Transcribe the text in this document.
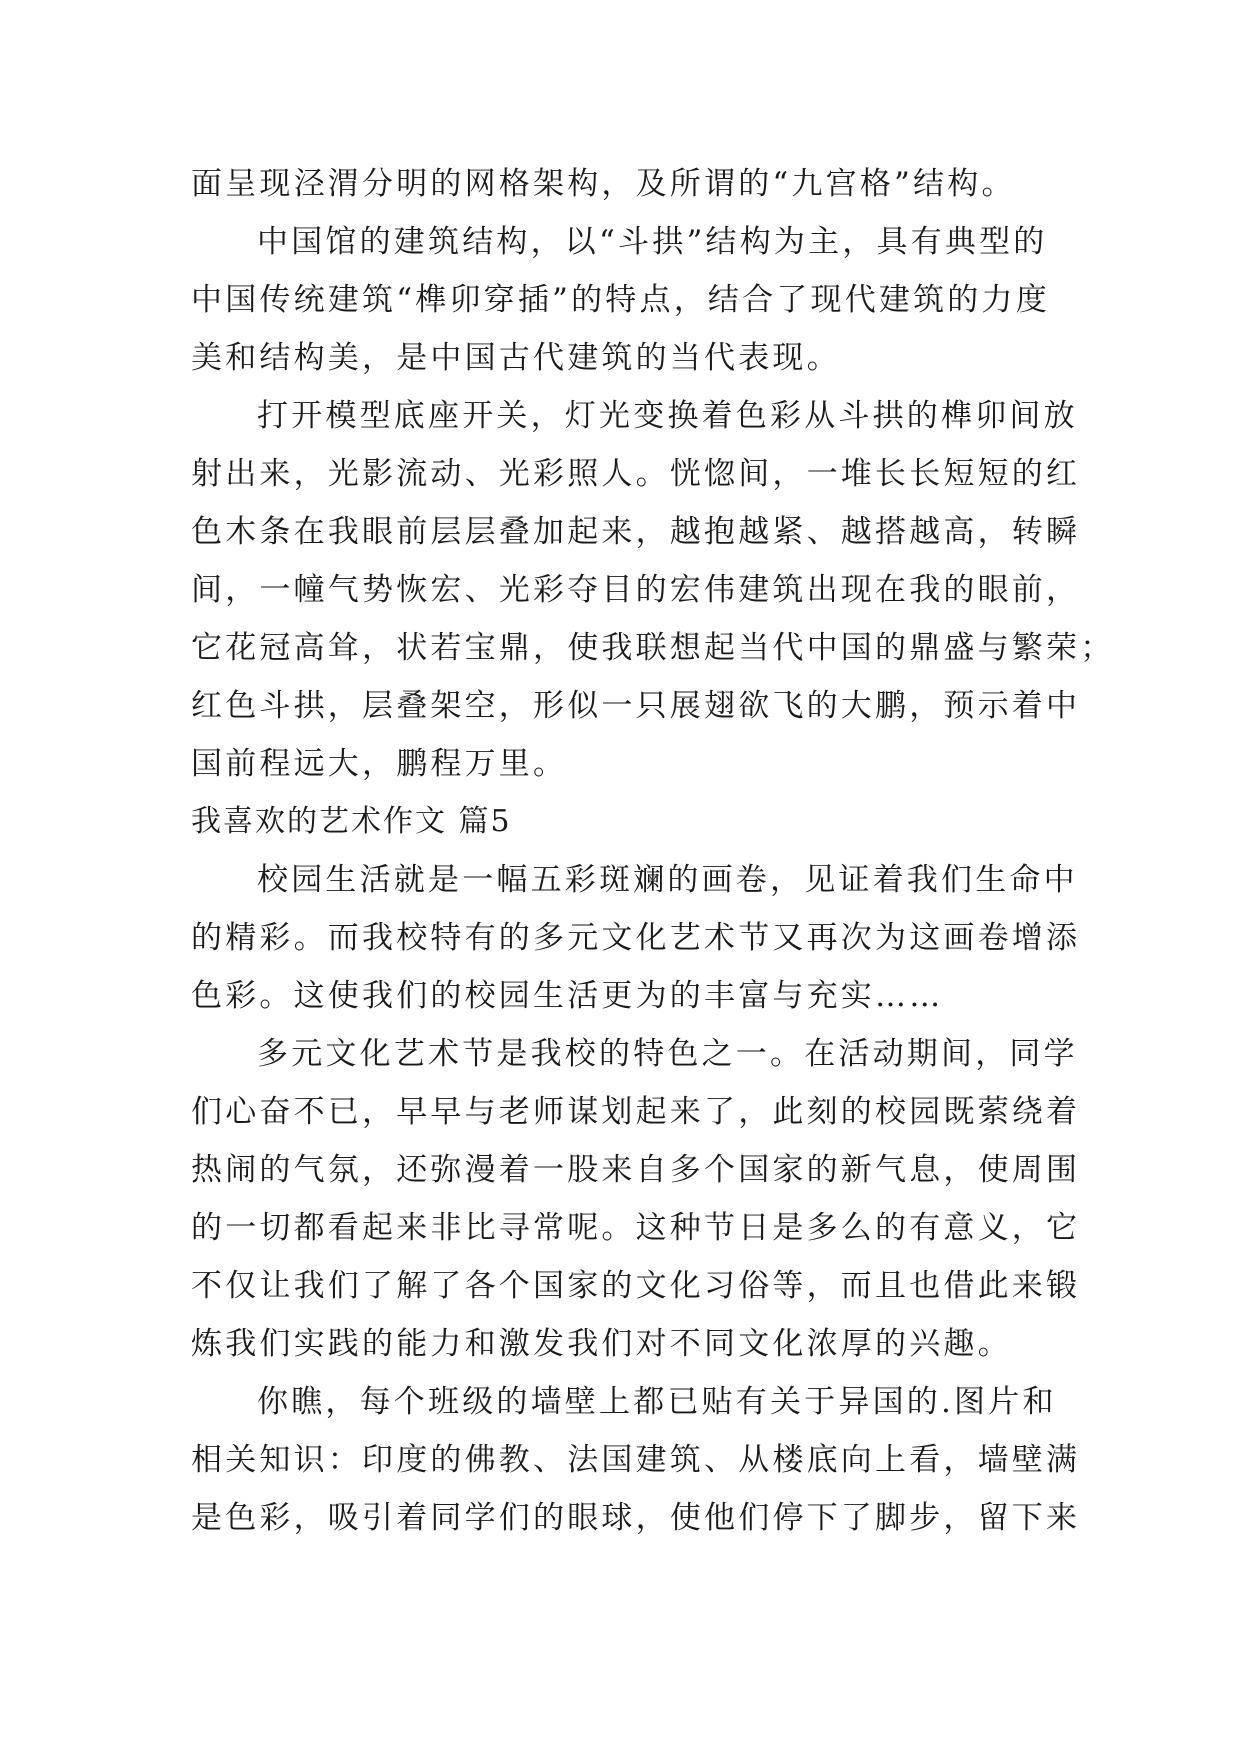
面呈现泾渭分明的网格架构，及所谓的“九宫格”结构。
中国馆的建筑结构，以“斗拱”结构为主，具有典型的
中国传统建筑“榫卯穿插”的特点，结合了现代建筑的力度
美和结构美，是中国古代建筑的当代表现。
打开模型底座开关，灯光变换着色彩从斗拱的榫卯间放
射出来，光影流动、光彩照人。恍惚间，一堆长长短短的红
色木条在我眼前层层叠加起来，越抱越紧、越搭越高，转瞬
间，一幢气势恢宏、光彩夺目的宏伟建筑出现在我的眼前，
它花冠高耸，状若宝鼎，使我联想起当代中国的鼎盛与繁荣；
红色斗拱，层叠架空，形似一只展翅欲飞的大鹏，预示着中
国前程远大，鹏程万里。
我喜欢的艺术作文 篇5
校园生活就是一幅五彩斑斓的画卷，见证着我们生命中
的精彩。而我校特有的多元文化艺术节又再次为这画卷增添
色彩。这使我们的校园生活更为的丰富与充实……
多元文化艺术节是我校的特色之一。在活动期间，同学
们心奋不已，早早与老师谋划起来了，此刻的校园既萦绕着
热闹的气氛，还弥漫着一股来自多个国家的新气息，使周围
的一切都看起来非比寻常呢。这种节日是多么的有意义，它
不仅让我们了解了各个国家的文化习俗等，而且也借此来锻
炼我们实践的能力和激发我们对不同文化浓厚的兴趣。
你瞧，每个班级的墙壁上都已贴有关于异国的.图片和
相关知识：印度的佛教、法国建筑、从楼底向上看，墙壁满
是色彩，吸引着同学们的眼球，使他们停下了脚步，留下来
